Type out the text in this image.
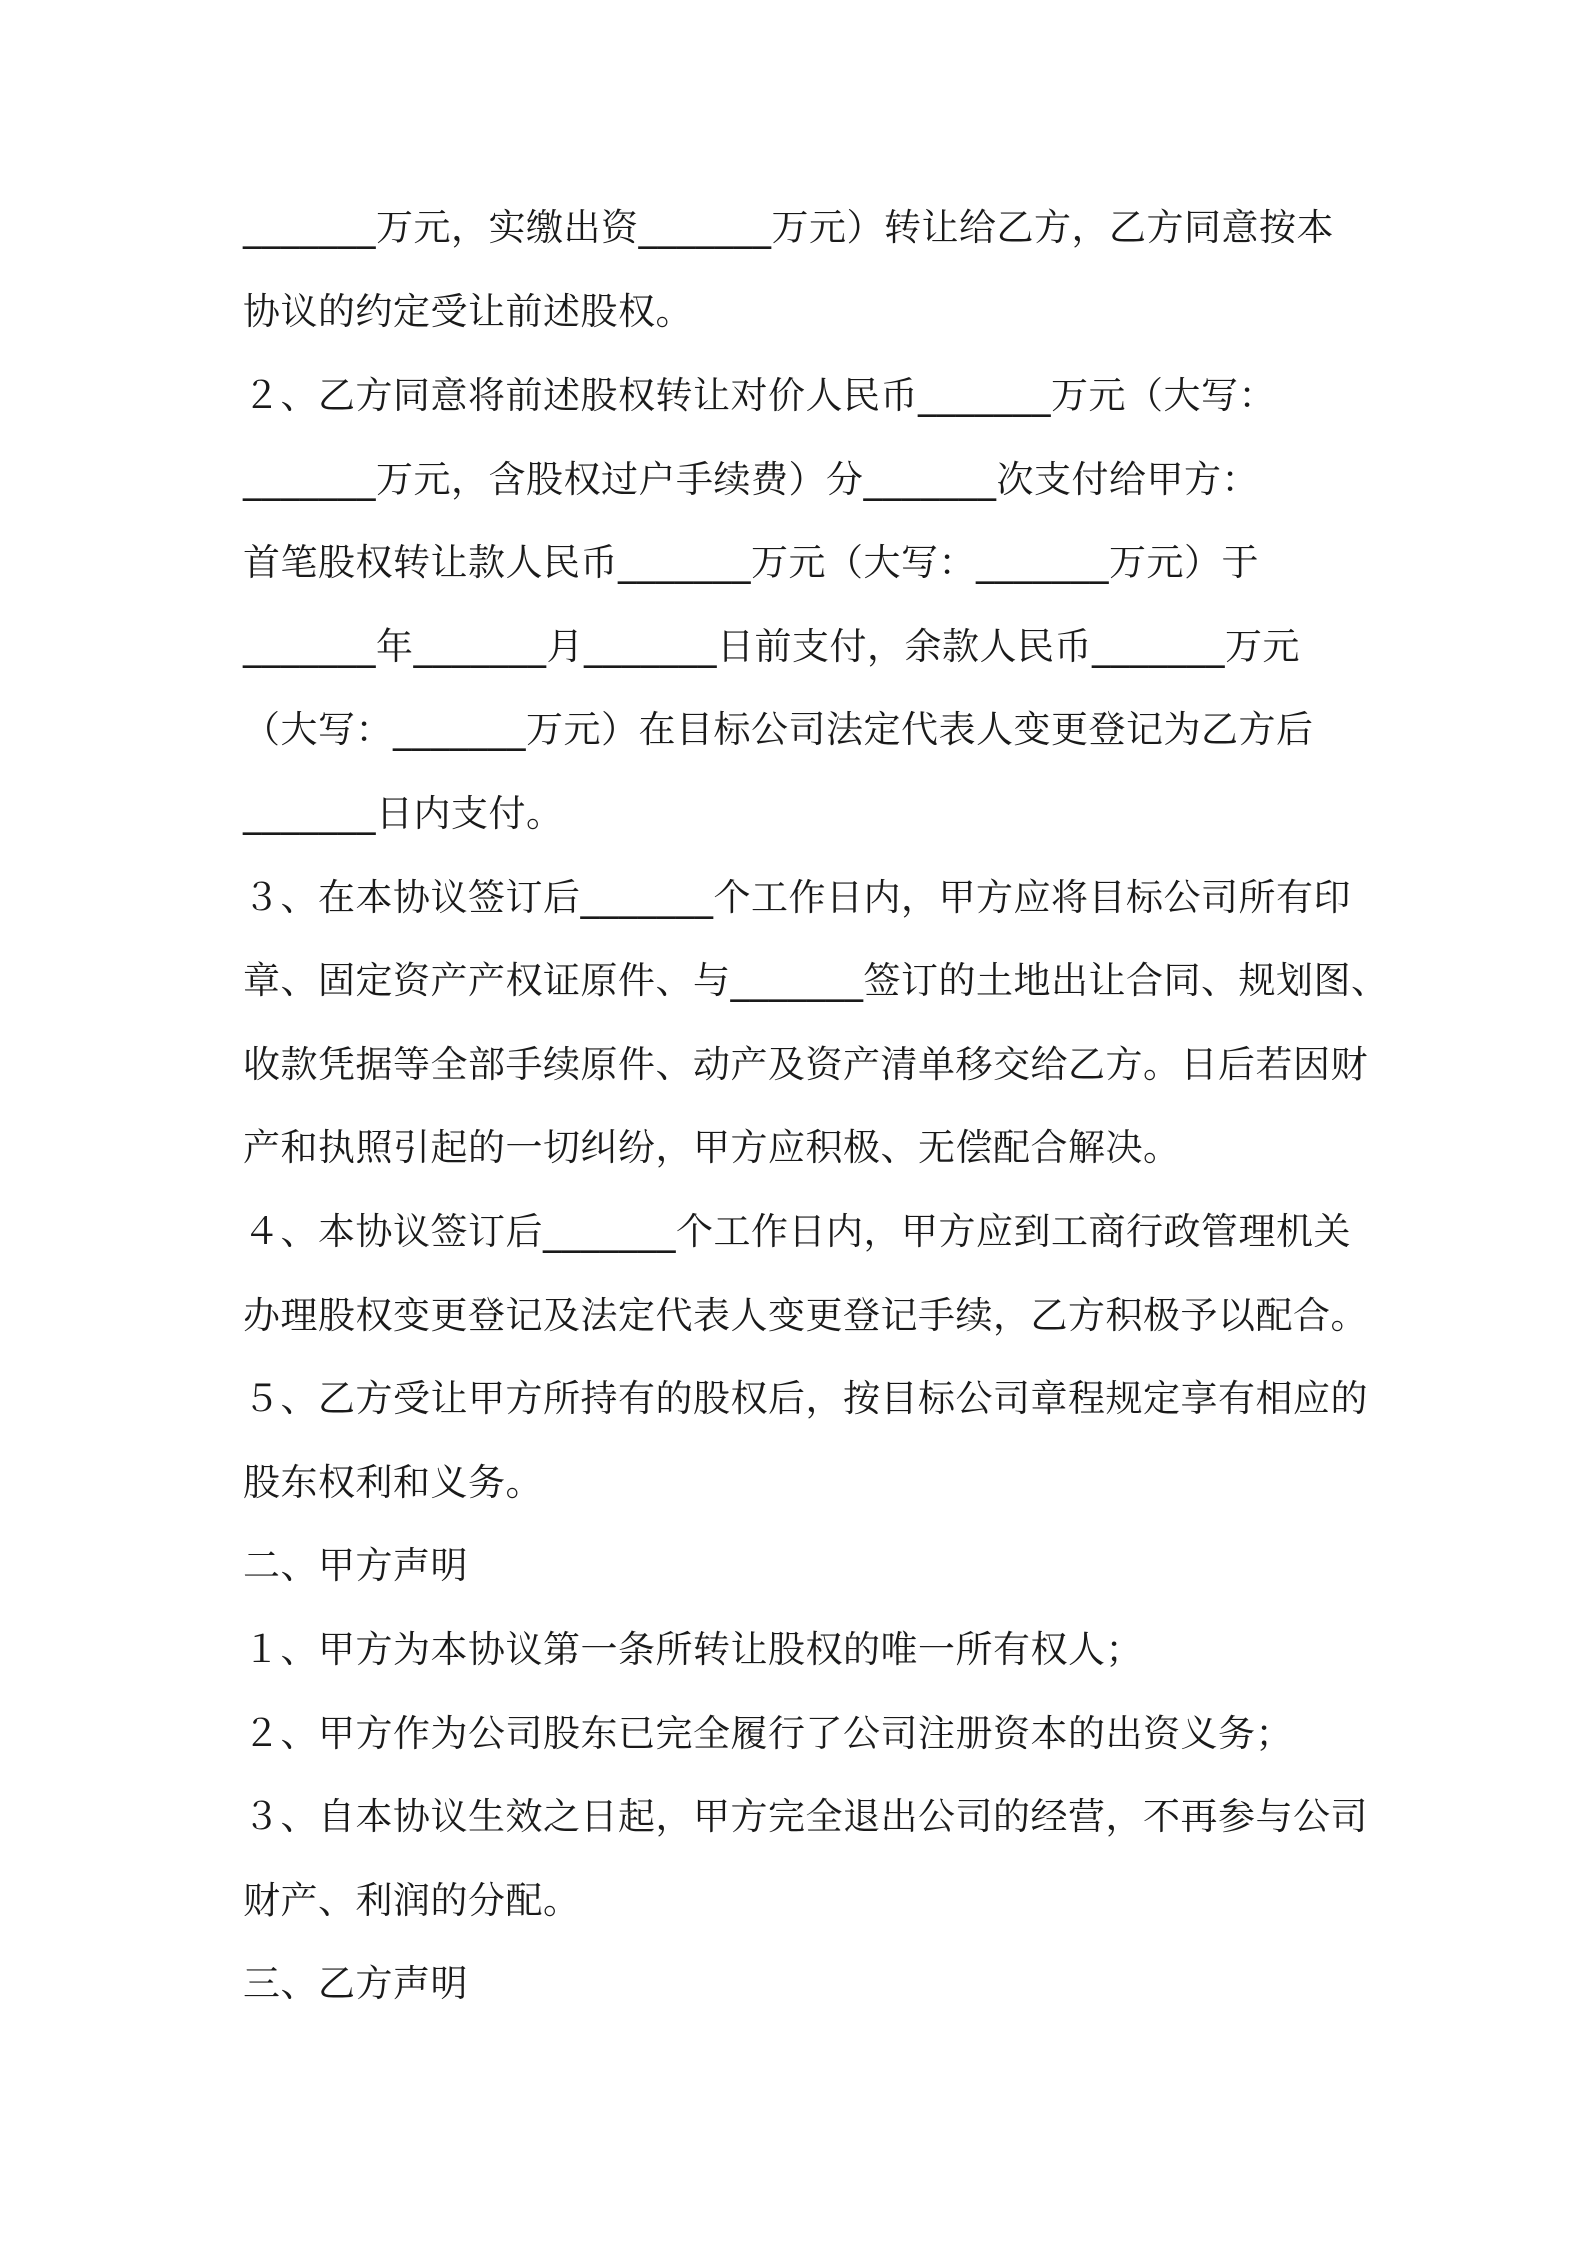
_______万元，实缴出资_______万元）转让给乙方，乙方同意按本
协议的约定受让前述股权。
２、乙方同意将前述股权转让对价人民币_______万元（大写：
_______万元，含股权过户手续费）分_______次支付给甲方：
首笔股权转让款人民币_______万元（大写：_______万元）于
_______年_______月_______日前支付，余款人民币_______万元
（大写：_______万元）在目标公司法定代表人变更登记为乙方后
_______日内支付。
３、在本协议签订后_______个工作日内，甲方应将目标公司所有印
章、固定资产产权证原件、与_______签订的土地出让合同、规划图、
收款凭据等全部手续原件、动产及资产清单移交给乙方。日后若因财
产和执照引起的一切纠纷，甲方应积极、无偿配合解决。
４、本协议签订后_______个工作日内，甲方应到工商行政管理机关
办理股权变更登记及法定代表人变更登记手续，乙方积极予以配合。
５、乙方受让甲方所持有的股权后，按目标公司章程规定享有相应的
股东权利和义务。
二、甲方声明
１、甲方为本协议第一条所转让股权的唯一所有权人；
２、甲方作为公司股东已完全履行了公司注册资本的出资义务；
３、自本协议生效之日起，甲方完全退出公司的经营，不再参与公司
财产、利润的分配。
三、乙方声明
